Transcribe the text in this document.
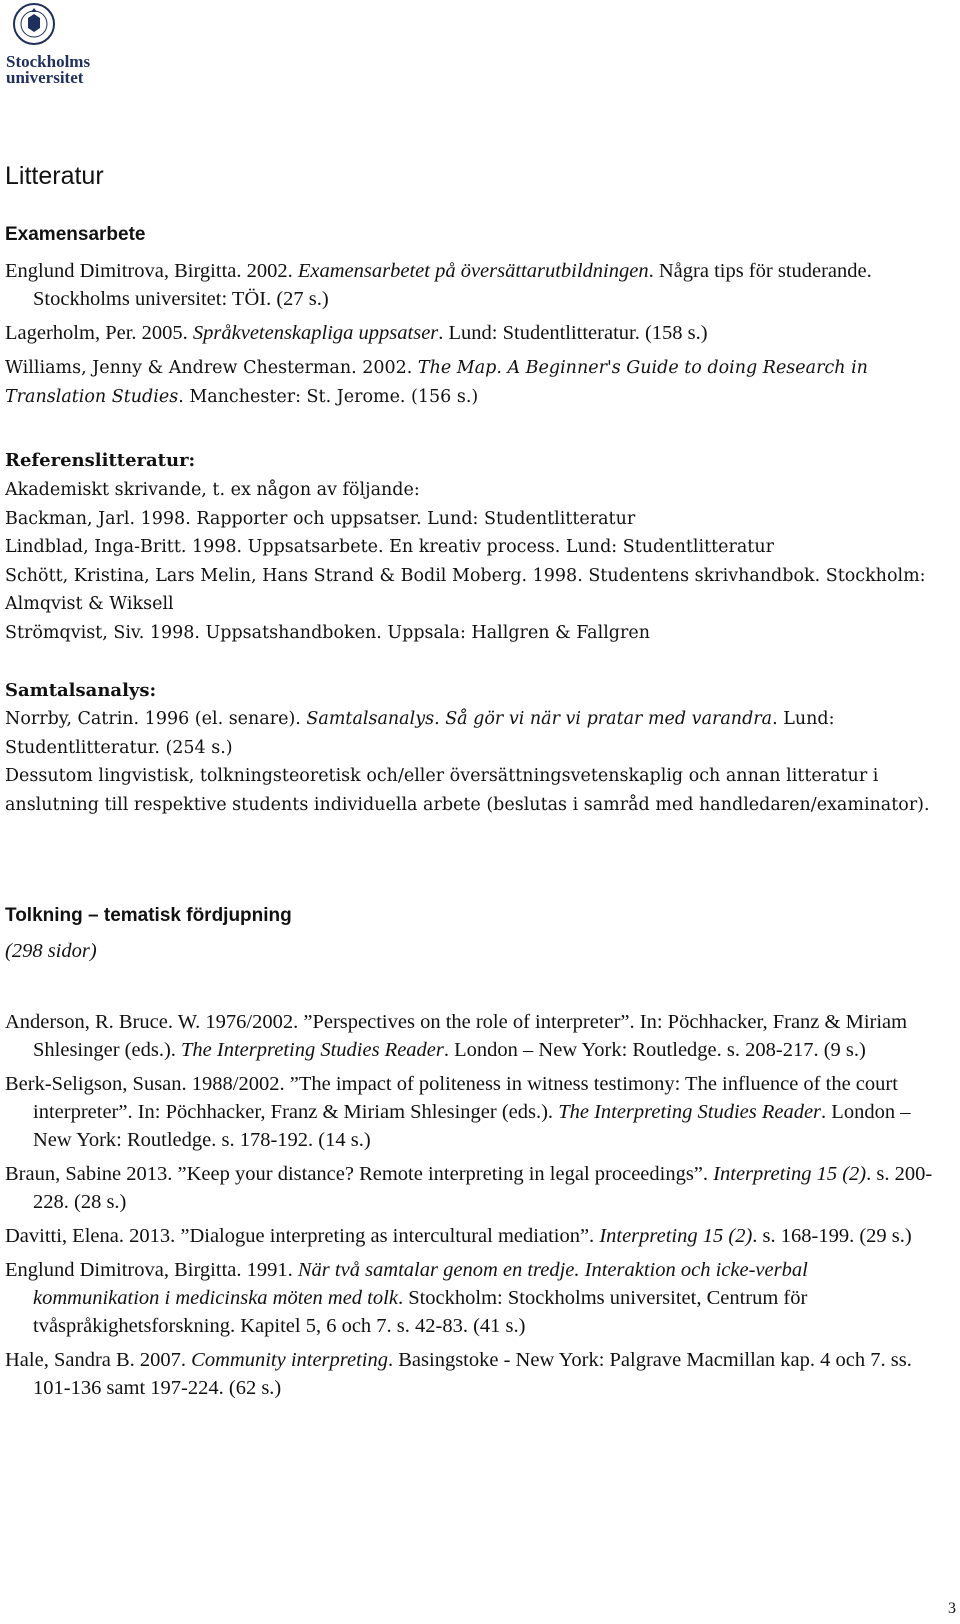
Stockholms
universitet
Litteratur
Examensarbete
Englund Dimitrova, Birgitta. 2002. Examensarbetet på översättarutbildningen. Några tips för studerande. Stockholms universitet: TÖI. (27 s.)
Lagerholm, Per. 2005. Språkvetenskapliga uppsatser. Lund: Studentlitteratur. (158 s.)
Williams, Jenny & Andrew Chesterman. 2002. The Map. A Beginner's Guide to doing Research in Translation Studies. Manchester: St. Jerome. (156 s.)
Referenslitteratur:
Akademiskt skrivande, t. ex någon av följande:
Backman, Jarl. 1998. Rapporter och uppsatser. Lund: Studentlitteratur
Lindblad, Inga-Britt. 1998. Uppsatsarbete. En kreativ process. Lund: Studentlitteratur
Schött, Kristina, Lars Melin, Hans Strand & Bodil Moberg. 1998. Studentens skrivhandbok. Stockholm: Almqvist & Wiksell
Strömqvist, Siv. 1998. Uppsatshandboken. Uppsala: Hallgren & Fallgren
Samtalsanalys:
Norrby, Catrin. 1996 (el. senare). Samtalsanalys. Så gör vi när vi pratar med varandra. Lund: Studentlitteratur. (254 s.)
Dessutom lingvistisk, tolkningsteoretisk och/eller översättningsvetenskaplig och annan litteratur i anslutning till respektive students individuella arbete (beslutas i samråd med handledaren/examinator).
Tolkning – tematisk fördjupning
(298 sidor)
Anderson, R. Bruce. W. 1976/2002. ”Perspectives on the role of interpreter”. In: Pöchhacker, Franz & Miriam Shlesinger (eds.). The Interpreting Studies Reader. London – New York: Routledge. s. 208-217. (9 s.)
Berk-Seligson, Susan. 1988/2002. ”The impact of politeness in witness testimony: The influence of the court interpreter”. In: Pöchhacker, Franz & Miriam Shlesinger (eds.). The Interpreting Studies Reader. London – New York: Routledge. s. 178-192. (14 s.)
Braun, Sabine 2013. ”Keep your distance? Remote interpreting in legal proceedings”. Interpreting 15 (2). s. 200-228. (28 s.)
Davitti, Elena. 2013. ”Dialogue interpreting as intercultural mediation”. Interpreting 15 (2). s. 168-199. (29 s.)
Englund Dimitrova, Birgitta. 1991. När två samtalar genom en tredje. Interaktion och icke-verbal kommunikation i medicinska möten med tolk. Stockholm: Stockholms universitet, Centrum för tvåspråkighetsforskning. Kapitel 5, 6 och 7. s. 42-83. (41 s.)
Hale, Sandra B. 2007. Community interpreting. Basingstoke - New York: Palgrave Macmillan kap. 4 och 7. ss. 101-136 samt 197-224. (62 s.)
3
